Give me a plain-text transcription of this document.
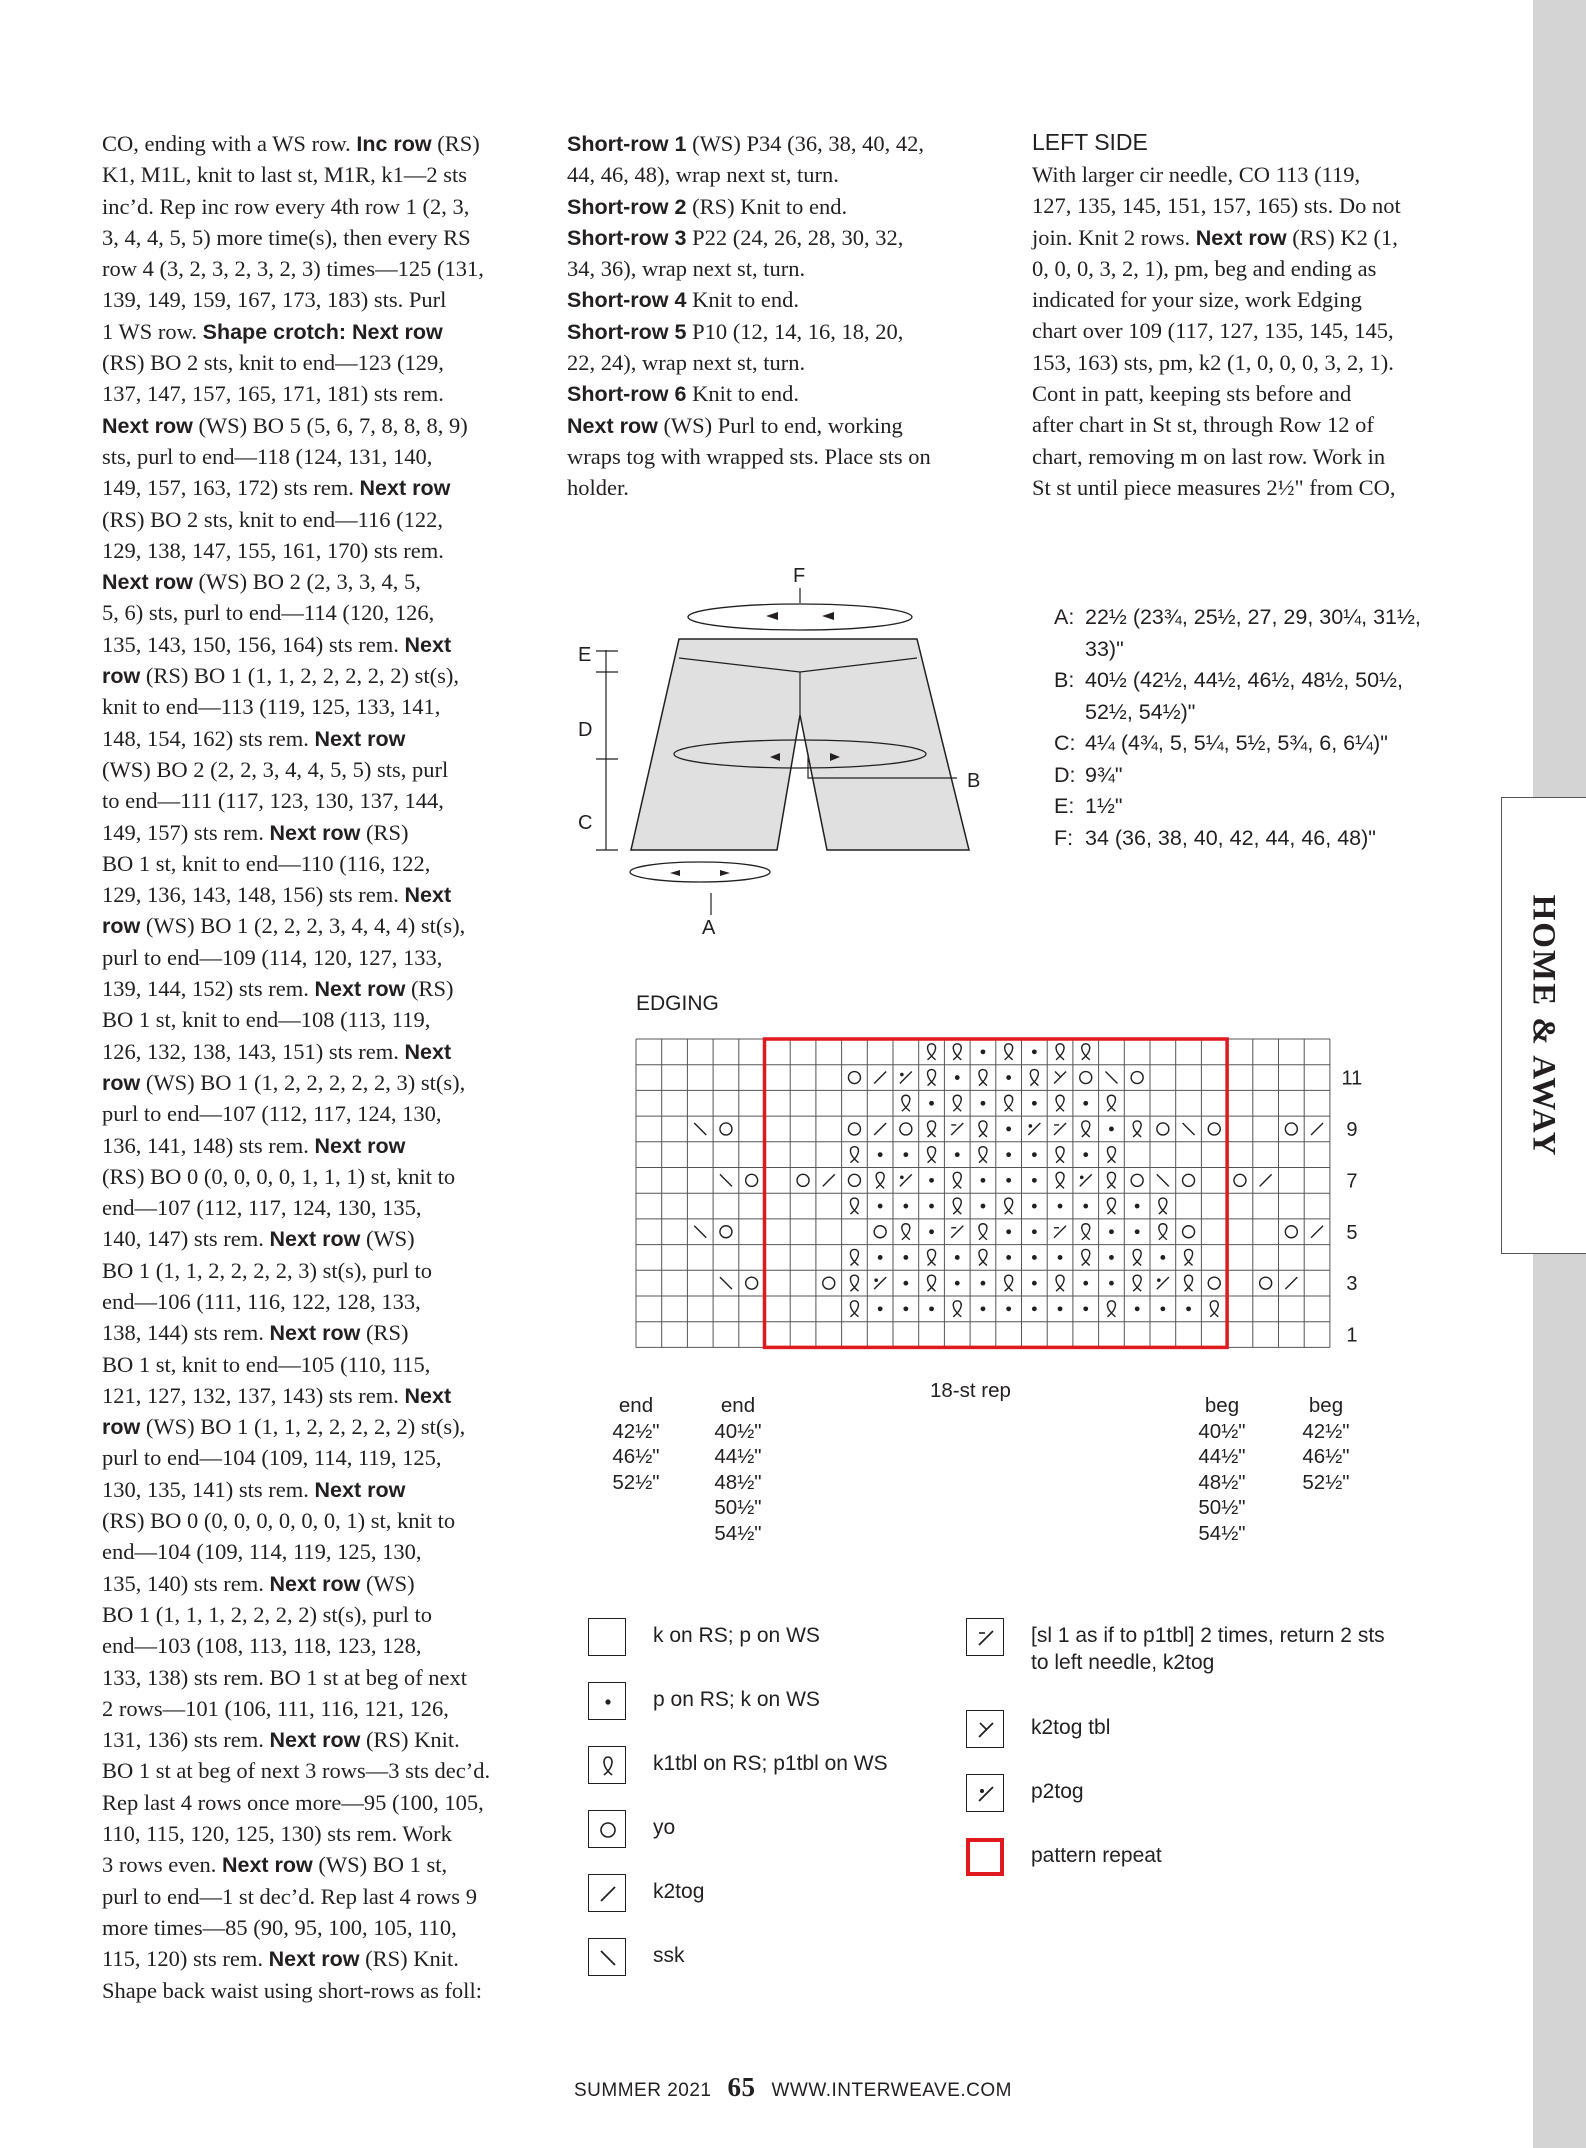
HOME & AWAY
CO, ending with a WS row. Inc row (RS)
K1, M1L, knit to last st, M1R, k1—2 sts
inc’d. Rep inc row every 4th row 1 (2, 3,
3, 4, 4, 5, 5) more time(s), then every RS
row 4 (3, 2, 3, 2, 3, 2, 3) times—125 (131,
139, 149, 159, 167, 173, 183) sts. Purl
1 WS row. Shape crotch: Next row
(RS) BO 2 sts, knit to end—123 (129,
137, 147, 157, 165, 171, 181) sts rem.
Next row (WS) BO 5 (5, 6, 7, 8, 8, 8, 9)
sts, purl to end—118 (124, 131, 140,
149, 157, 163, 172) sts rem. Next row
(RS) BO 2 sts, knit to end—116 (122,
129, 138, 147, 155, 161, 170) sts rem.
Next row (WS) BO 2 (2, 3, 3, 4, 5,
5, 6) sts, purl to end—114 (120, 126,
135, 143, 150, 156, 164) sts rem. Next
row (RS) BO 1 (1, 1, 2, 2, 2, 2, 2) st(s),
knit to end—113 (119, 125, 133, 141,
148, 154, 162) sts rem. Next row
(WS) BO 2 (2, 2, 3, 4, 4, 5, 5) sts, purl
to end—111 (117, 123, 130, 137, 144,
149, 157) sts rem. Next row (RS)
BO 1 st, knit to end—110 (116, 122,
129, 136, 143, 148, 156) sts rem. Next
row (WS) BO 1 (2, 2, 2, 3, 4, 4, 4) st(s),
purl to end—109 (114, 120, 127, 133,
139, 144, 152) sts rem. Next row (RS)
BO 1 st, knit to end—108 (113, 119,
126, 132, 138, 143, 151) sts rem. Next
row (WS) BO 1 (1, 2, 2, 2, 2, 2, 3) st(s),
purl to end—107 (112, 117, 124, 130,
136, 141, 148) sts rem. Next row
(RS) BO 0 (0, 0, 0, 0, 1, 1, 1) st, knit to
end—107 (112, 117, 124, 130, 135,
140, 147) sts rem. Next row (WS)
BO 1 (1, 1, 2, 2, 2, 2, 3) st(s), purl to
end—106 (111, 116, 122, 128, 133,
138, 144) sts rem. Next row (RS)
BO 1 st, knit to end—105 (110, 115,
121, 127, 132, 137, 143) sts rem. Next
row (WS) BO 1 (1, 1, 2, 2, 2, 2, 2) st(s),
purl to end—104 (109, 114, 119, 125,
130, 135, 141) sts rem. Next row
(RS) BO 0 (0, 0, 0, 0, 0, 0, 1) st, knit to
end—104 (109, 114, 119, 125, 130,
135, 140) sts rem. Next row (WS)
BO 1 (1, 1, 1, 2, 2, 2, 2) st(s), purl to
end—103 (108, 113, 118, 123, 128,
133, 138) sts rem. BO 1 st at beg of next
2 rows—101 (106, 111, 116, 121, 126,
131, 136) sts rem. Next row (RS) Knit.
BO 1 st at beg of next 3 rows—3 sts dec’d.
Rep last 4 rows once more—95 (100, 105,
110, 115, 120, 125, 130) sts rem. Work
3 rows even. Next row (WS) BO 1 st,
purl to end—1 st dec’d. Rep last 4 rows 9
more times—85 (90, 95, 100, 105, 110,
115, 120) sts rem. Next row (RS) Knit.
Shape back waist using short-rows as foll:
Short-row 1 (WS) P34 (36, 38, 40, 42,
44, 46, 48), wrap next st, turn.
Short-row 2 (RS) Knit to end.
Short-row 3 P22 (24, 26, 28, 30, 32,
34, 36), wrap next st, turn.
Short-row 4 Knit to end.
Short-row 5 P10 (12, 14, 16, 18, 20,
22, 24), wrap next st, turn.
Short-row 6 Knit to end.
Next row (WS) Purl to end, working
wraps tog with wrapped sts. Place sts on
holder.
LEFT SIDE
With larger cir needle, CO 113 (119,
127, 135, 145, 151, 157, 165) sts. Do not
join. Knit 2 rows. Next row (RS) K2 (1,
0, 0, 0, 3, 2, 1), pm, beg and ending as
indicated for your size, work Edging
chart over 109 (117, 127, 135, 145, 145,
153, 163) sts, pm, k2 (1, 0, 0, 0, 3, 2, 1).
Cont in patt, keeping sts before and
after chart in St st, through Row 12 of
chart, removing m on last row. Work in
St st until piece measures 2½" from CO,
E
D
C
F
B
A
A: 22½ (23¾, 25½, 27, 29, 30¼, 31½,
33)"
B: 40½ (42½, 44½, 46½, 48½, 50½,
52½, 54½)"
C: 4¼ (4¾, 5, 5¼, 5½, 5¾, 6, 6¼)"
D: 9¾"
E: 1½"
F: 34 (36, 38, 40, 42, 44, 46, 48)"
EDGING
11
9
7
5
3
1
end
42½"
46½"
52½"
end
40½"
44½"
48½"
50½"
54½"
beg
40½"
44½"
48½"
50½"
54½"
beg
42½"
46½"
52½"
18-st rep
k on RS; p on WS
p on RS; k on WS
k1tbl on RS; p1tbl on WS
yo
k2tog
ssk
[sl 1 as if to p1tbl] 2 times, return 2 sts
to left needle, k2tog
k2tog tbl
p2tog
pattern repeat
SUMMER 2021 65 WWW.INTERWEAVE.COM
